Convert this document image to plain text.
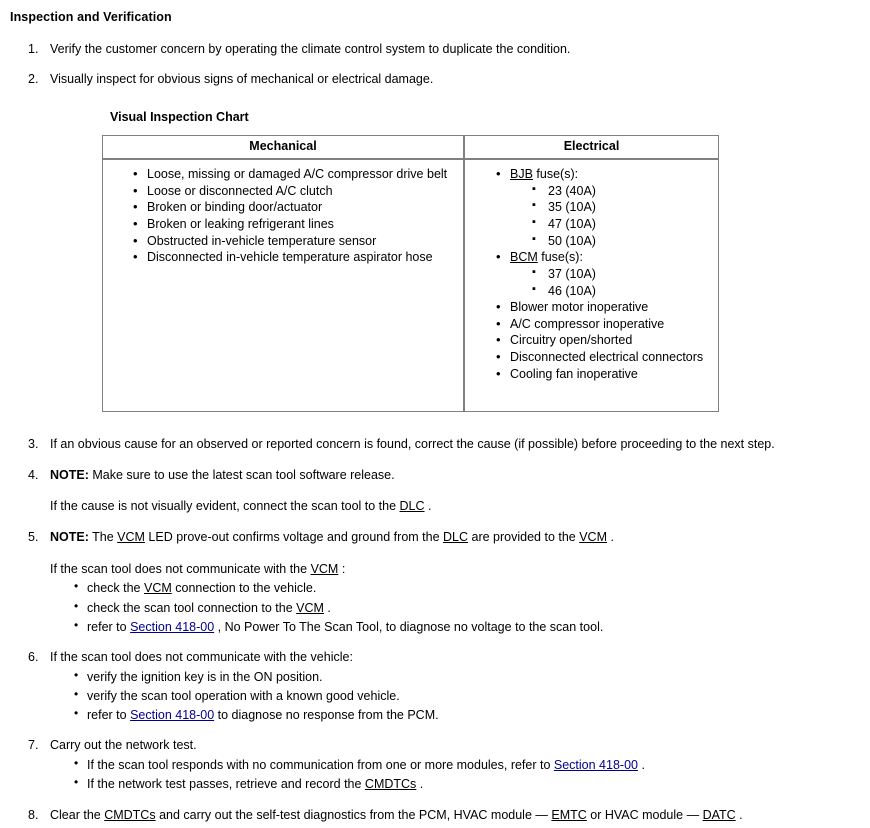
Inspection and Verification
1. Verify the customer concern by operating the climate control system to duplicate the condition.
2. Visually inspect for obvious signs of mechanical or electrical damage.
Visual Inspection Chart
Mechanical	Electrical

• Loose, missing or damaged A/C compressor drive belt
• Loose or disconnected A/C clutch
• Broken or binding door/actuator
• Broken or leaking refrigerant lines
• Obstructed in-vehicle temperature sensor
• Disconnected in-vehicle temperature aspirator hose

• BJB fuse(s):
▪ 23 (40A)
▪ 35 (10A)
▪ 47 (10A)
▪ 50 (10A)
• BCM fuse(s):
▪ 37 (10A)
▪ 46 (10A)
• Blower motor inoperative
• A/C compressor inoperative
• Circuitry open/shorted
• Disconnected electrical connectors
• Cooling fan inoperative
3. If an obvious cause for an observed or reported concern is found, correct the cause (if possible) before proceeding to the next step.
4. NOTE: Make sure to use the latest scan tool software release.
If the cause is not visually evident, connect the scan tool to the DLC .
5. NOTE: The VCM LED prove-out confirms voltage and ground from the DLC are provided to the VCM .
If the scan tool does not communicate with the VCM :
• check the VCM connection to the vehicle.
• check the scan tool connection to the VCM .
• refer to Section 418-00 , No Power To The Scan Tool, to diagnose no voltage to the scan tool.
6. If the scan tool does not communicate with the vehicle:
• verify the ignition key is in the ON position.
• verify the scan tool operation with a known good vehicle.
• refer to Section 418-00 to diagnose no response from the PCM.
7. Carry out the network test.
• If the scan tool responds with no communication from one or more modules, refer to Section 418-00 .
• If the network test passes, retrieve and record the CMDTCs .
8. Clear the CMDTCs and carry out the self-test diagnostics from the PCM, HVAC module — EMTC or HVAC module — DATC .
